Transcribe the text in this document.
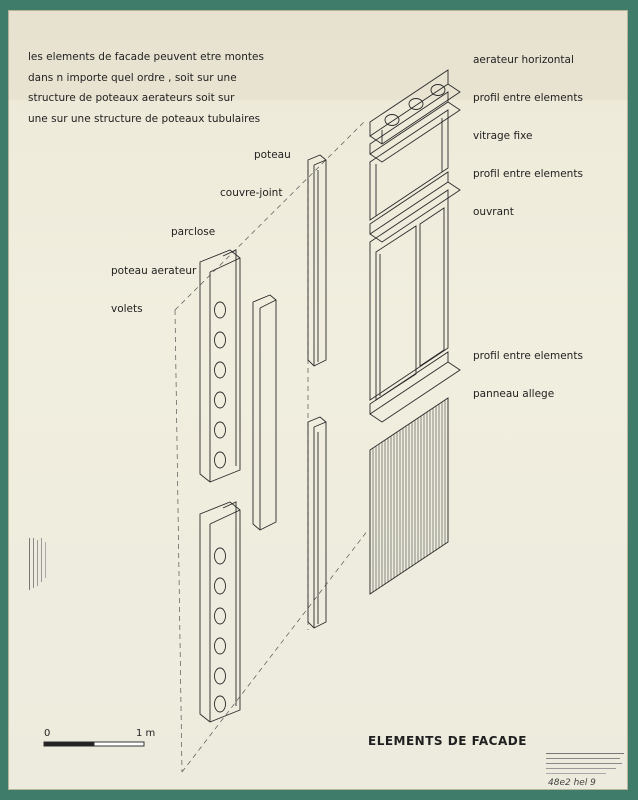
les elements de facade peuvent etre montes
dans n importe quel ordre , soit sur une
structure de poteaux aerateurs soit sur
une sur une structure de poteaux tubulaires
poteau
couvre-joint
parclose
poteau aerateur
volets
aerateur horizontal
profil entre elements
vitrage fixe
profil entre elements
ouvrant
profil entre elements
panneau allege
ELEMENTS DE FACADE
0	1 m
48e2 hel 9
